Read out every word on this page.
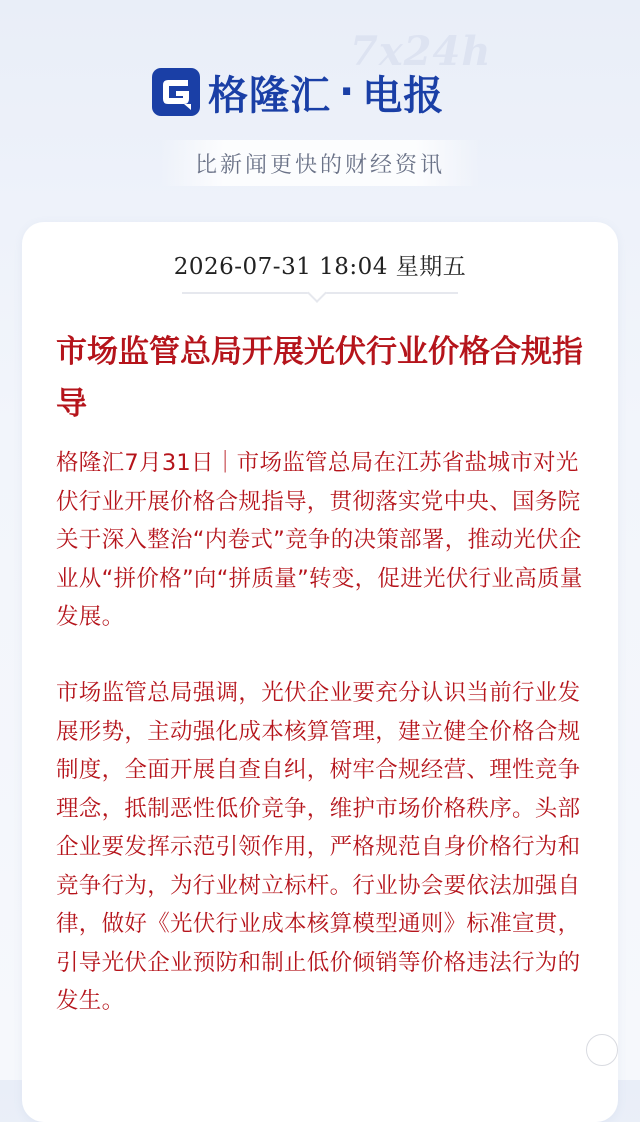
7x24h
格隆汇 · 电报
比新闻更快的财经资讯
2026-07-31 18:04 星期五
市场监管总局开展光伏行业价格合规指导

格隆汇7月31日｜市场监管总局在江苏省盐城市对光伏行业开展价格合规指导，贯彻落实党中央、国务院关于深入整治“内卷式”竞争的决策部署，推动光伏企业从“拼价格”向“拼质量”转变，促进光伏行业高质量发展。

市场监管总局强调，光伏企业要充分认识当前行业发展形势，主动强化成本核算管理，建立健全价格合规制度，全面开展自查自纠，树牢合规经营、理性竞争理念，抵制恶性低价竞争，维护市场价格秩序。头部企业要发挥示范引领作用，严格规范自身价格行为和竞争行为，为行业树立标杆。行业协会要依法加强自律，做好《光伏行业成本核算模型通则》标准宣贯，引导光伏企业预防和制止低价倾销等价格违法行为的发生。
